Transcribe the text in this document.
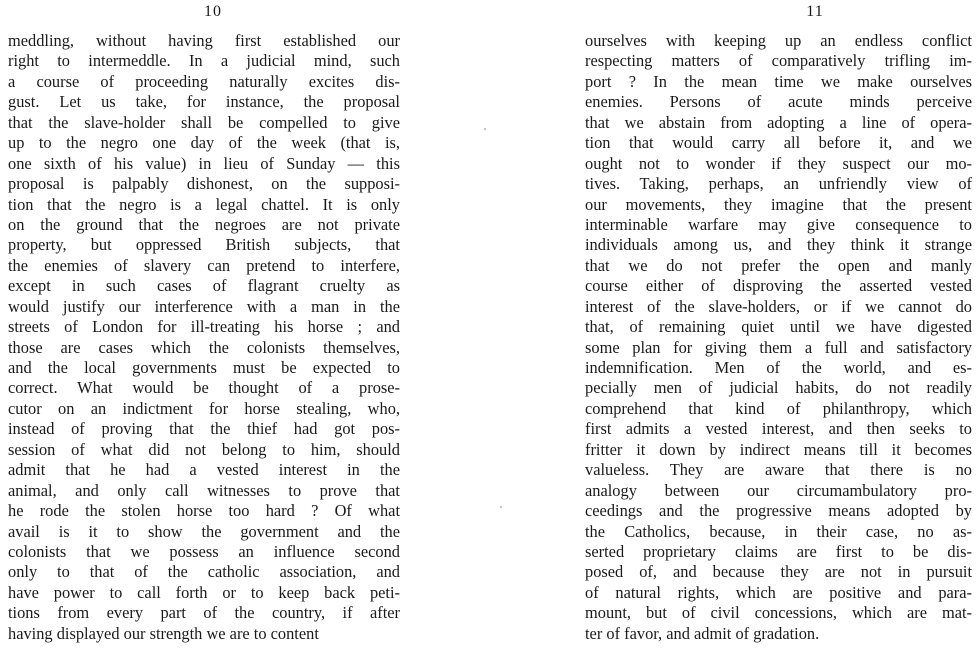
10
meddling, without having first established our
right to intermeddle. In a judicial mind, such
a course of proceeding naturally excites dis-
gust. Let us take, for instance, the proposal
that the slave-holder shall be compelled to give
up to the negro one day of the week (that is,
one sixth of his value) in lieu of Sunday — this
proposal is palpably dishonest, on the supposi-
tion that the negro is a legal chattel. It is only
on the ground that the negroes are not private
property, but oppressed British subjects, that
the enemies of slavery can pretend to interfere,
except in such cases of flagrant cruelty as
would justify our interference with a man in the
streets of London for ill-treating his horse ; and
those are cases which the colonists themselves,
and the local governments must be expected to
correct. What would be thought of a prose-
cutor on an indictment for horse stealing, who,
instead of proving that the thief had got pos-
session of what did not belong to him, should
admit that he had a vested interest in the
animal, and only call witnesses to prove that
he rode the stolen horse too hard ? Of what
avail is it to show the government and the
colonists that we possess an influence second
only to that of the catholic association, and
have power to call forth or to keep back peti-
tions from every part of the country, if after
having displayed our strength we are to content
11
ourselves with keeping up an endless conflict
respecting matters of comparatively trifling im-
port ? In the mean time we make ourselves
enemies. Persons of acute minds perceive
that we abstain from adopting a line of opera-
tion that would carry all before it, and we
ought not to wonder if they suspect our mo-
tives. Taking, perhaps, an unfriendly view of
our movements, they imagine that the present
interminable warfare may give consequence to
individuals among us, and they think it strange
that we do not prefer the open and manly
course either of disproving the asserted vested
interest of the slave-holders, or if we cannot do
that, of remaining quiet until we have digested
some plan for giving them a full and satisfactory
indemnification. Men of the world, and es-
pecially men of judicial habits, do not readily
comprehend that kind of philanthropy, which
first admits a vested interest, and then seeks to
fritter it down by indirect means till it becomes
valueless. They are aware that there is no
analogy between our circumambulatory pro-
ceedings and the progressive means adopted by
the Catholics, because, in their case, no as-
serted proprietary claims are first to be dis-
posed of, and because they are not in pursuit
of natural rights, which are positive and para-
mount, but of civil concessions, which are mat-
ter of favor, and admit of gradation.
